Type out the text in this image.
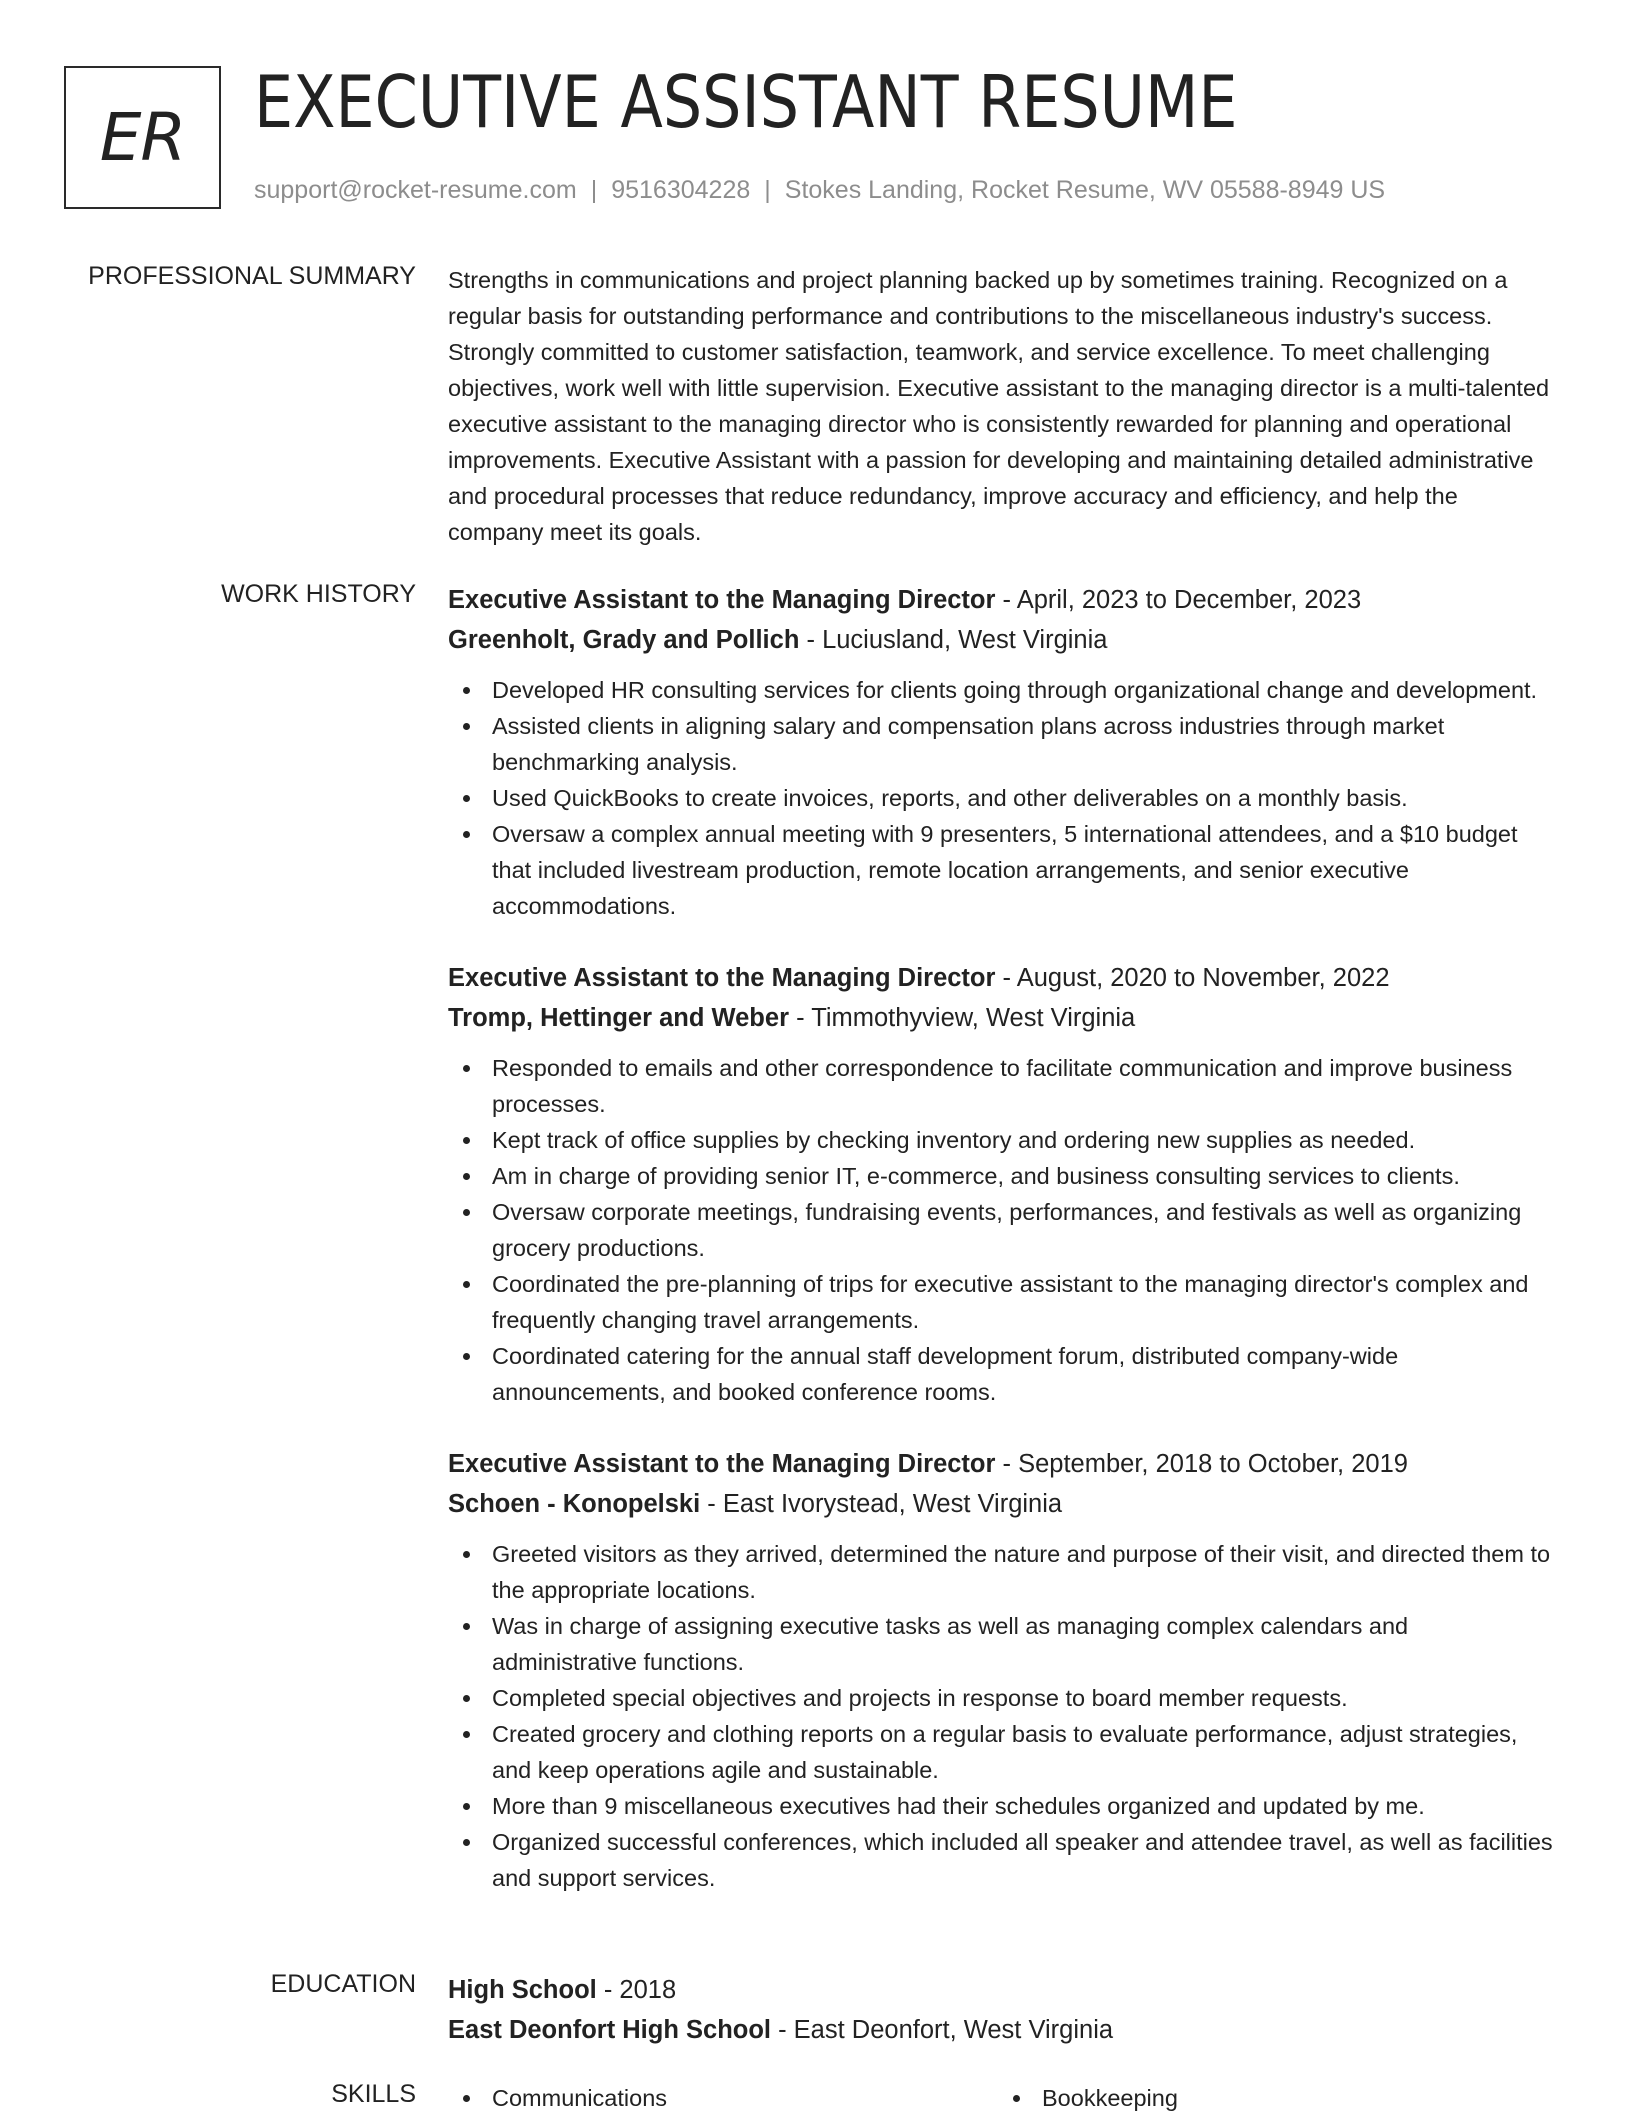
ER EXECUTIVE ASSISTANT RESUME
support@rocket-resume.com | 9516304228 | Stokes Landing, Rocket Resume, WV 05588-8949 US
PROFESSIONAL SUMMARY Strengths in communications and project planning backed up by sometimes training. Recognized on a regular basis for outstanding performance and contributions to the miscellaneous industry's success. Strongly committed to customer satisfaction, teamwork, and service excellence. To meet challenging objectives, work well with little supervision. Executive assistant to the managing director is a multi-talented executive assistant to the managing director who is consistently rewarded for planning and operational improvements. Executive Assistant with a passion for developing and maintaining detailed administrative and procedural processes that reduce redundancy, improve accuracy and efficiency, and help the company meet its goals.
WORK HISTORY Executive Assistant to the Managing Director - April, 2023 to December, 2023
Greenholt, Grady and Pollich - Luciusland, West Virginia
Developed HR consulting services for clients going through organizational change and development.
Assisted clients in aligning salary and compensation plans across industries through market benchmarking analysis.
Used QuickBooks to create invoices, reports, and other deliverables on a monthly basis.
Oversaw a complex annual meeting with 9 presenters, 5 international attendees, and a $10 budget that included livestream production, remote location arrangements, and senior executive accommodations.
Executive Assistant to the Managing Director - August, 2020 to November, 2022
Tromp, Hettinger and Weber - Timmothyview, West Virginia
Responded to emails and other correspondence to facilitate communication and improve business processes.
Kept track of office supplies by checking inventory and ordering new supplies as needed.
Am in charge of providing senior IT, e-commerce, and business consulting services to clients.
Oversaw corporate meetings, fundraising events, performances, and festivals as well as organizing grocery productions.
Coordinated the pre-planning of trips for executive assistant to the managing director's complex and frequently changing travel arrangements.
Coordinated catering for the annual staff development forum, distributed company-wide announcements, and booked conference rooms.
Executive Assistant to the Managing Director - September, 2018 to October, 2019
Schoen - Konopelski - East Ivorystead, West Virginia
Greeted visitors as they arrived, determined the nature and purpose of their visit, and directed them to the appropriate locations.
Was in charge of assigning executive tasks as well as managing complex calendars and administrative functions.
Completed special objectives and projects in response to board member requests.
Created grocery and clothing reports on a regular basis to evaluate performance, adjust strategies, and keep operations agile and sustainable.
More than 9 miscellaneous executives had their schedules organized and updated by me.
Organized successful conferences, which included all speaker and attendee travel, as well as facilities and support services.
EDUCATION High School - 2018
East Deonfort High School - East Deonfort, West Virginia
SKILLS	Communications	Bookkeeping
